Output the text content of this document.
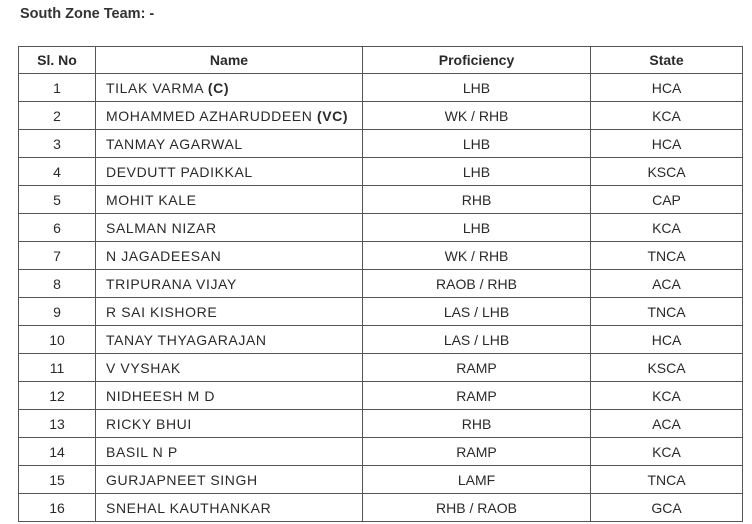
South Zone Team: -
Sl. No	Name	Proficiency	State
1	TILAK VARMA (C)	LHB	HCA
2	MOHAMMED AZHARUDDEEN (VC)	WK / RHB	KCA
3	TANMAY AGARWAL	LHB	HCA
4	DEVDUTT PADIKKAL	LHB	KSCA
5	MOHIT KALE	RHB	CAP
6	SALMAN NIZAR	LHB	KCA
7	N JAGADEESAN	WK / RHB	TNCA
8	TRIPURANA VIJAY	RAOB / RHB	ACA
9	R SAI KISHORE	LAS / LHB	TNCA
10	TANAY THYAGARAJAN	LAS / LHB	HCA
11	V VYSHAK	RAMP	KSCA
12	NIDHEESH M D	RAMP	KCA
13	RICKY BHUI	RHB	ACA
14	BASIL N P	RAMP	KCA
15	GURJAPNEET SINGH	LAMF	TNCA
16	SNEHAL KAUTHANKAR	RHB / RAOB	GCA
